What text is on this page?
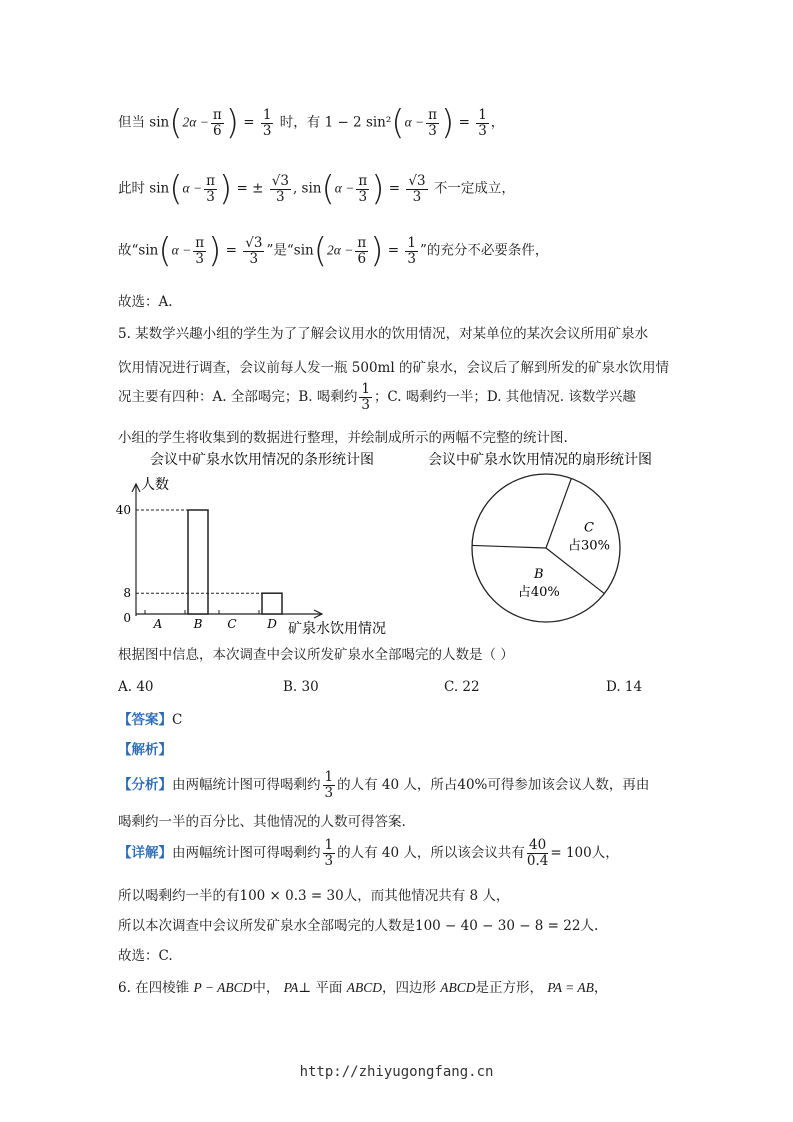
但当 $\sin(2\alpha - \frac{\pi}{6}$ ) = $\frac{1}{3}$ 时，有 1 − 2 $\sin^2(\alpha - \frac{\pi}{3}$ ) = $\frac{1}{3}$ ，
此时 $\sin(\alpha - \frac{\pi}{3}$ ) = ± $\frac{√3}{3}$ , $\sin(\alpha - \frac{\pi}{3}$ ) = $\frac{√3}{3}$ 不一定成立，
故“$\sin(\alpha - \frac{\pi}{3}$ ) = $\frac{√3}{3}$ ”是“$\sin(2\alpha - \frac{\pi}{6}$ ) = $\frac{1}{3}$ ”的充分不必要条件，
故选：A.
5. 某数学兴趣小组的学生为了了解会议用水的饮用情况，对某单位的某次会议所用矿泉水
饮用情况进行调查，会议前每人发一瓶 500ml 的矿泉水，会议后了解到所发的矿泉水饮用情
况主要有四种：A. 全部喝完；B. 喝剩约 $\frac{1}{3}$ ；C. 喝剩约一半；D. 其他情况. 该数学兴趣
小组的学生将收集到的数据进行整理，并绘制成所示的两幅不完整的统计图.
会议中矿泉水饮用情况的条形统计图
人数
矿泉水饮用情况
0
8
40
A	B C	D
会议中矿泉水饮用情况的扇形统计图
C
占30%
B
占40%
根据图中信息，本次调查中会议所发矿泉水全部喝完的人数是（ ）
A. 40	B. 30	C. 22	D. 14
【答案】C
【解析】
【分析】由两幅统计图可得喝剩约 $\frac{1}{3}$ 的人有 40 人，所占40%可得参加该会议人数，再由
喝剩约一半的百分比、其他情况的人数可得答案.
【详解】由两幅统计图可得喝剩约 $\frac{1}{3}$ 的人有 40 人，所以该会议共有 $\frac{40}{0.4} = 100$人，
所以喝剩约一半的有100 × 0.3 = 30人，而其他情况共有 8 人，
所以本次调查中会议所发矿泉水全部喝完的人数是100 − 40 − 30 − 8 = 22人.
故选：C.
6. 在四棱锥 P − ABCD中， PA⊥ 平面 ABCD，四边形 ABCD是正方形， PA = AB，
http://zhiyugongfang.cn
